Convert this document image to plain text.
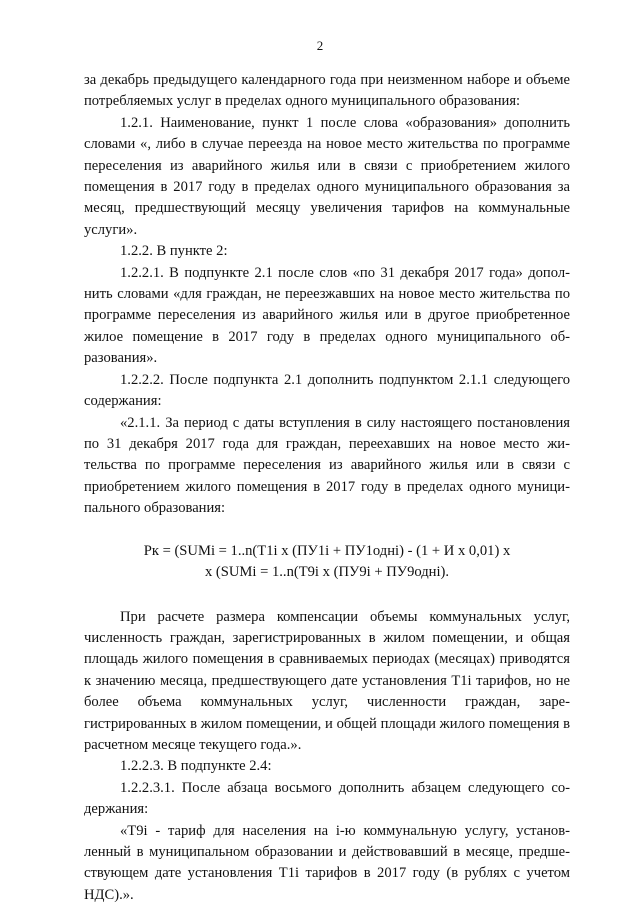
2

за декабрь предыдущего календарного года при неизменном наборе и объеме потребляемых услуг в пределах одного муниципального образования:

1.2.1. Наименование, пункт 1 после слова «образования» дополнить словами «, либо в случае переезда на новое место жительства по программе переселения из аварийного жилья или в связи с приобретением жилого помещения в 2017 году в пределах одного муниципального образования за месяц, предшествующий месяцу увеличения тарифов на коммунальные услуги».

1.2.2. В пункте 2:

1.2.2.1. В подпункте 2.1 после слов «по 31 декабря 2017 года» дополнить словами «для граждан, не переезжавших на новое место жительства по программе переселения из аварийного жилья или в другое приобретенное жилое помещение в 2017 году в пределах одного муниципального образования».

1.2.2.2. После подпункта 2.1 дополнить подпунктом 2.1.1 следующего содержания:

«2.1.1. За период с даты вступления в силу настоящего постановления по 31 декабря 2017 года для граждан, переехавших на новое место жительства по программе переселения из аварийного жилья или в связи с приобретением жилого помещения в 2017 году в пределах одного муниципального образования:

Рк = (SUMi = 1..n(Т1i х (ПУ1i + ПУ1одні) - (1 + И х 0,01) х
х (SUMi = 1..n(Т9i х (ПУ9i + ПУ9одні).

При расчете размера компенсации объемы коммунальных услуг, численность граждан, зарегистрированных в жилом помещении, и общая площадь жилого помещения в сравниваемых периодах (месяцах) приводятся к значению месяца, предшествующего дате установления Т1i тарифов, но не более объема коммунальных услуг, численности граждан, зарегистрированных в жилом помещении, и общей площади жилого помещения в расчетном месяце текущего года.».

1.2.2.3. В подпункте 2.4:

1.2.2.3.1. После абзаца восьмого дополнить абзацем следующего содержания:

«Т9i - тариф для населения на i-ю коммунальную услугу, установленный в муниципальном образовании и действовавший в месяце, предшествующем дате установления Т1i тарифов в 2017 году (в рублях с учетом НДС).».
